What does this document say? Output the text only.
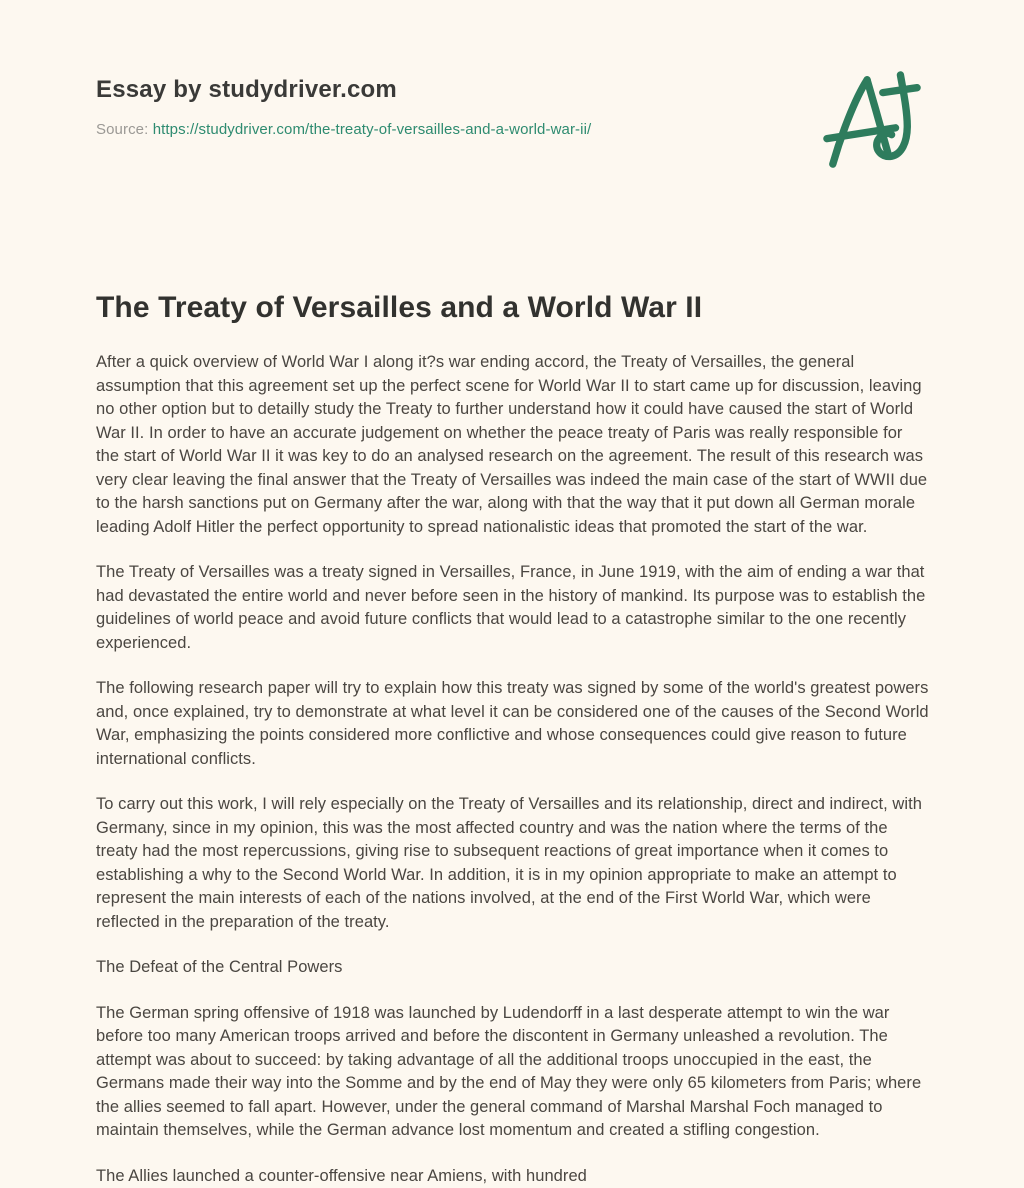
Essay by studydriver.com
Source: https://studydriver.com/the-treaty-of-versailles-and-a-world-war-ii/
The Treaty of Versailles and a World War II

After a quick overview of World War I along it?s war ending accord, the Treaty of Versailles, the general assumption that this agreement set up the perfect scene for World War II to start came up for discussion, leaving no other option but to detailly study the Treaty to further understand how it could have caused the start of World War II. In order to have an accurate judgement on whether the peace treaty of Paris was really responsible for the start of World War II it was key to do an analysed research on the agreement. The result of this research was very clear leaving the final answer that the Treaty of Versailles was indeed the main case of the start of WWII due to the harsh sanctions put on Germany after the war, along with that the way that it put down all German morale leading Adolf Hitler the perfect opportunity to spread nationalistic ideas that promoted the start of the war.

The Treaty of Versailles was a treaty signed in Versailles, France, in June 1919, with the aim of ending a war that had devastated the entire world and never before seen in the history of mankind. Its purpose was to establish the guidelines of world peace and avoid future conflicts that would lead to a catastrophe similar to the one recently experienced.

The following research paper will try to explain how this treaty was signed by some of the world's greatest powers and, once explained, try to demonstrate at what level it can be considered one of the causes of the Second World War, emphasizing the points considered more conflictive and whose consequences could give reason to future international conflicts.

To carry out this work, I will rely especially on the Treaty of Versailles and its relationship, direct and indirect, with Germany, since in my opinion, this was the most affected country and was the nation where the terms of the treaty had the most repercussions, giving rise to subsequent reactions of great importance when it comes to establishing a why to the Second World War. In addition, it is in my opinion appropriate to make an attempt to represent the main interests of each of the nations involved, at the end of the First World War, which were reflected in the preparation of the treaty.

The Defeat of the Central Powers

The German spring offensive of 1918 was launched by Ludendorff in a last desperate attempt to win the war before too many American troops arrived and before the discontent in Germany unleashed a revolution. The attempt was about to succeed: by taking advantage of all the additional troops unoccupied in the east, the Germans made their way into the Somme and by the end of May they were only 65 kilometers from Paris; where the allies seemed to fall apart. However, under the general command of Marshal Marshal Foch managed to maintain themselves, while the German advance lost momentum and created a stifling congestion.

The Allies launched a counter-offensive near Amiens, with hundred
